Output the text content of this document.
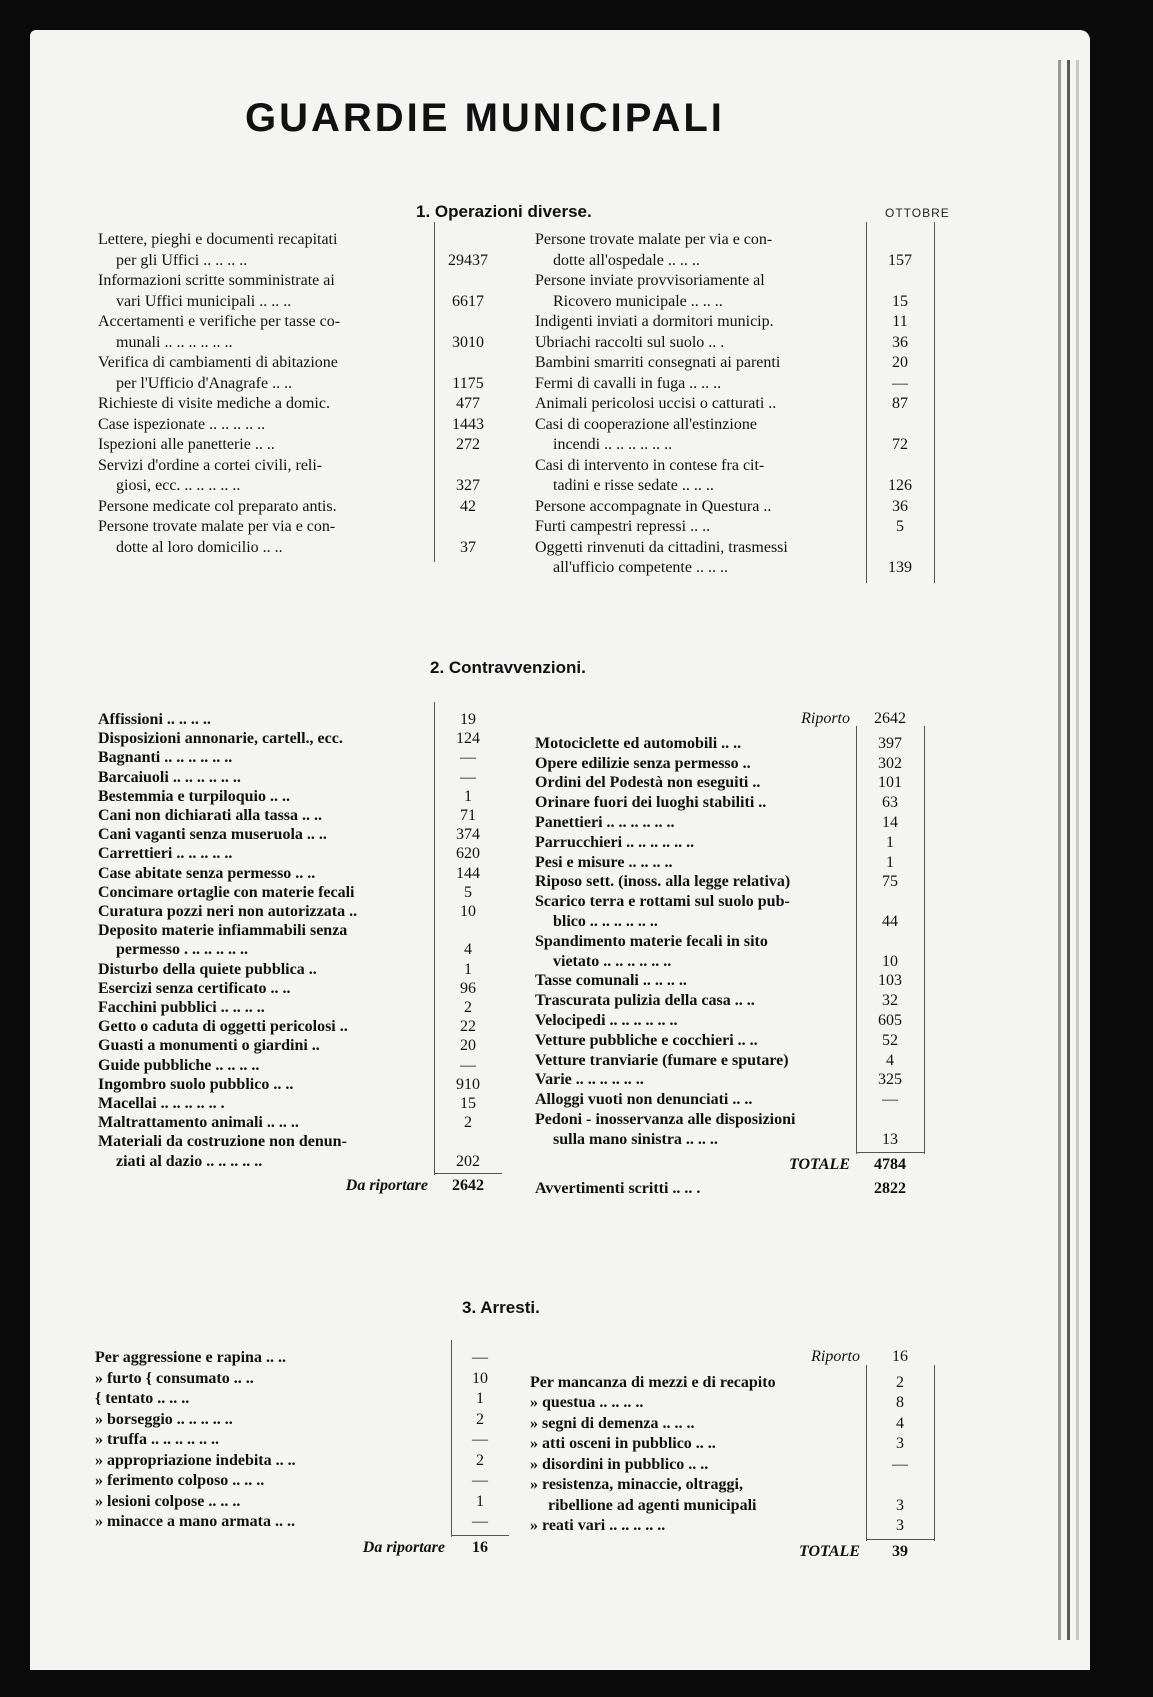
GUARDIE MUNICIPALI
OTTOBRE
1. Operazioni diverse.
Lettere, pieghi e documenti recapitati
per gli Uffici .. .. .. ..	29437
Informazioni scritte somministrate ai
vari Uffici municipali .. .. ..	6617
Accertamenti e verifiche per tasse co-
munali .. .. .. .. .. ..	3010
Verifica di cambiamenti di abitazione
per l'Ufficio d'Anagrafe .. ..	1175
Richieste di visite mediche a domic.	477
Case ispezionate .. .. .. .. ..	1443
Ispezioni alle panetterie .. ..	272
Servizi d'ordine a cortei civili, reli-
giosi, ecc. .. .. .. .. ..	327
Persone medicate col preparato antis.	42
Persone trovate malate per via e con-
dotte al loro domicilio .. ..	37
Persone trovate malate per via e con-
dotte all'ospedale .. .. ..	157
Persone inviate provvisoriamente al
Ricovero municipale .. .. ..	15
Indigenti inviati a dormitori municip.	11
Ubriachi raccolti sul suolo .. .	36
Bambini smarriti consegnati ai parenti	20
Fermi di cavalli in fuga .. .. ..	—
Animali pericolosi uccisi o catturati ..	87
Casi di cooperazione all'estinzione
incendi .. .. .. .. .. ..	72
Casi di intervento in contese fra cit-
tadini e risse sedate .. .. ..	126
Persone accompagnate in Questura ..	36
Furti campestri repressi .. ..	5
Oggetti rinvenuti da cittadini, trasmessi
all'ufficio competente .. .. ..	139
2. Contravvenzioni.
Affissioni .. .. .. ..	19
Disposizioni annonarie, cartell., ecc.	124
Bagnanti .. .. .. .. .. ..	—
Barcaiuoli .. .. .. .. .. ..	—
Bestemmia e turpiloquio .. ..	1
Cani non dichiarati alla tassa .. ..	71
Cani vaganti senza museruola .. ..	374
Carrettieri .. .. .. .. ..	620
Case abitate senza permesso .. ..	144
Concimare ortaglie con materie fecali	5
Curatura pozzi neri non autorizzata ..	10
Deposito materie infiammabili senza
permesso . .. .. .. .. ..	4
Disturbo della quiete pubblica ..	1
Esercizi senza certificato .. ..	96
Facchini pubblici .. .. .. ..	2
Getto o caduta di oggetti pericolosi ..	22
Guasti a monumenti o giardini ..	20
Guide pubbliche .. .. .. ..	—
Ingombro suolo pubblico .. ..	910
Macellai .. .. .. .. .. .	15
Maltrattamento animali .. .. ..	2
Materiali da costruzione non denun-
ziati al dazio .. .. .. .. ..	202
Da riportare	2642
Riporto	2642
Motociclette ed automobili .. ..	397
Opere edilizie senza permesso ..	302
Ordini del Podestà non eseguiti ..	101
Orinare fuori dei luoghi stabiliti ..	63
Panettieri .. .. .. .. .. ..	14
Parrucchieri .. .. .. .. .. ..	1
Pesi e misure .. .. .. ..	1
Riposo sett. (inoss. alla legge relativa)	75
Scarico terra e rottami sul suolo pub-
blico .. .. .. .. .. ..	44
Spandimento materie fecali in sito
vietato .. .. .. .. .. ..	10
Tasse comunali .. .. .. ..	103
Trascurata pulizia della casa .. ..	32
Velocipedi .. .. .. .. .. ..	605
Vetture pubbliche e cocchieri .. ..	52
Vetture tranviarie (fumare e sputare)	4
Varie .. .. .. .. .. ..	325
Alloggi vuoti non denunciati .. ..	—
Pedoni - inosservanza alle disposizioni
sulla mano sinistra .. .. ..	13
TOTALE	4784
Avvertimenti scritti .. .. .	2822
3. Arresti.
Per aggressione e rapina .. ..	—
» furto { consumato .. ..	10
{ tentato .. .. ..	1
» borseggio .. .. .. .. ..	2
» truffa .. .. .. .. .. ..	—
» appropriazione indebita .. ..	2
» ferimento colposo .. .. ..	—
» lesioni colpose .. .. ..	1
» minacce a mano armata .. ..	—
Da riportare	16
Riporto	16
Per mancanza di mezzi e di recapito	2
» questua .. .. .. ..	8
» segni di demenza .. .. ..	4
» atti osceni in pubblico .. ..	3
» disordini in pubblico .. ..	—
» resistenza, minaccie, oltraggi,
ribellione ad agenti municipali	3
» reati vari .. .. .. .. ..	3
TOTALE	39
